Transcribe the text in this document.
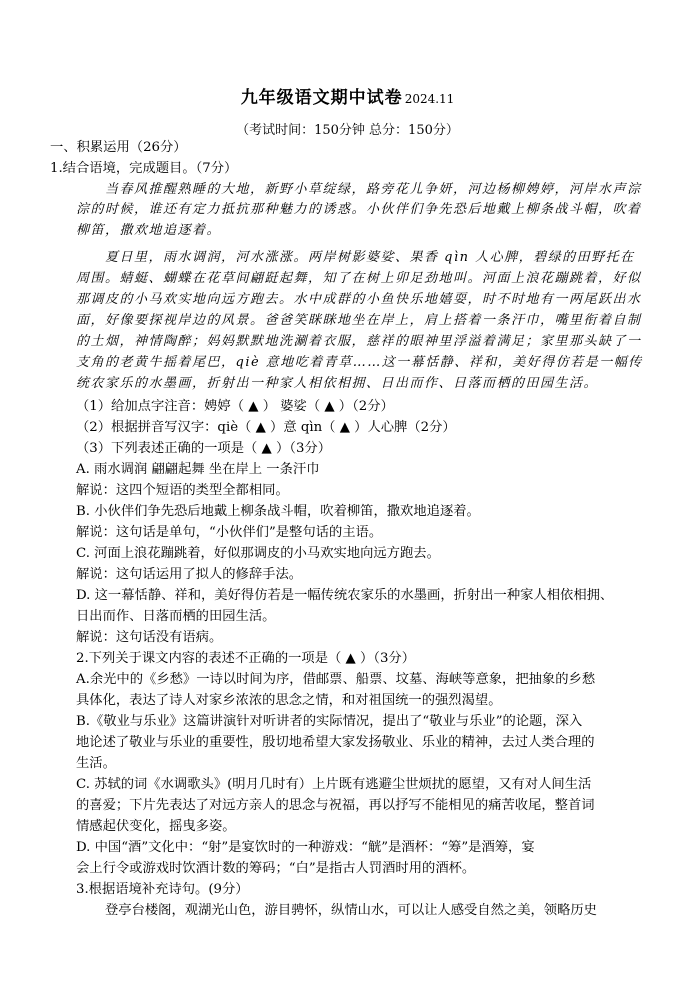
九年级语文期中试卷 2024.11
（考试时间：150分钟 总分：150分）
一、积累运用（26分）
1.结合语境，完成题目。（7分）
当春风推醒熟睡的大地，新野小草绽绿，路旁花儿争妍，河边杨柳娉婷，河岸水声淙
淙的时候，谁还有定力抵抗那种魅力的诱惑。小伙伴们争先恐后地戴上柳条战斗帽，吹着
柳笛，撒欢地追逐着。
夏日里，雨水调润，河水涨涨。两岸树影婆娑、果香 qìn 人心脾，碧绿的田野托在
周围。蜻蜓、蝴蝶在花草间翩跹起舞，知了在树上卯足劲地叫。河面上浪花蹦跳着，好似
那调皮的小马欢实地向远方跑去。水中成群的小鱼快乐地嬉耍，时不时地有一两尾跃出水
面，好像要探视岸边的风景。爸爸笑眯眯地坐在岸上，肩上搭着一条汗巾，嘴里衔着自制
的土烟，神情陶醉；妈妈默默地洗涮着衣服，慈祥的眼神里浮溢着满足；家里那头缺了一
支角的老黄牛摇着尾巴，qiè 意地吃着青草……这一幕恬静、祥和，美好得仿若是一幅传
统农家乐的水墨画，折射出一种家人相依相拥、日出而作、日落而栖的田园生活。
（1）给加点字注音：娉婷（ ▲ ） 婆娑（ ▲ ）（2分）
（2）根据拼音写汉字：qiè（ ▲ ）意 qìn（ ▲ ）人心脾（2分）
（3）下列表述正确的一项是（ ▲ ）（3分）
A. 雨水调润 翩翩起舞 坐在岸上 一条汗巾
解说：这四个短语的类型全都相同。
B. 小伙伴们争先恐后地戴上柳条战斗帽，吹着柳笛，撒欢地追逐着。
解说：这句话是单句，“小伙伴们”是整句话的主语。
C. 河面上浪花蹦跳着，好似那调皮的小马欢实地向远方跑去。
解说：这句话运用了拟人的修辞手法。
D. 这一幕恬静、祥和，美好得仿若是一幅传统农家乐的水墨画，折射出一种家人相依相拥、
日出而作、日落而栖的田园生活。
解说：这句话没有语病。
2.下列关于课文内容的表述不正确的一项是（ ▲ ）（3分）
A.余光中的《乡愁》一诗以时间为序，借邮票、船票、坟墓、海峡等意象，把抽象的乡愁
具体化，表达了诗人对家乡浓浓的思念之情，和对祖国统一的强烈渴望。
B.《敬业与乐业》这篇讲演针对听讲者的实际情况，提出了“敬业与乐业”的论题，深入
地论述了敬业与乐业的重要性，殷切地希望大家发扬敬业、乐业的精神，去过人类合理的
生活。
C. 苏轼的词《水调歌头》(明月几时有）上片既有逃避尘世烦扰的愿望，又有对人间生活
的喜爱；下片先表达了对远方亲人的思念与祝福，再以抒写不能相见的痛苦收尾，整首词
情感起伏变化，摇曳多姿。
D. 中国“酒”文化中：“射”是宴饮时的一种游戏：“觥”是酒杯：“筹”是酒筹，宴
会上行令或游戏时饮酒计数的筹码；“白”是指古人罚酒时用的酒杯。
3.根据语境补充诗句。(9分）
登亭台楼阁，观湖光山色，游目骋怀，纵情山水，可以让人感受自然之美，领略历史
